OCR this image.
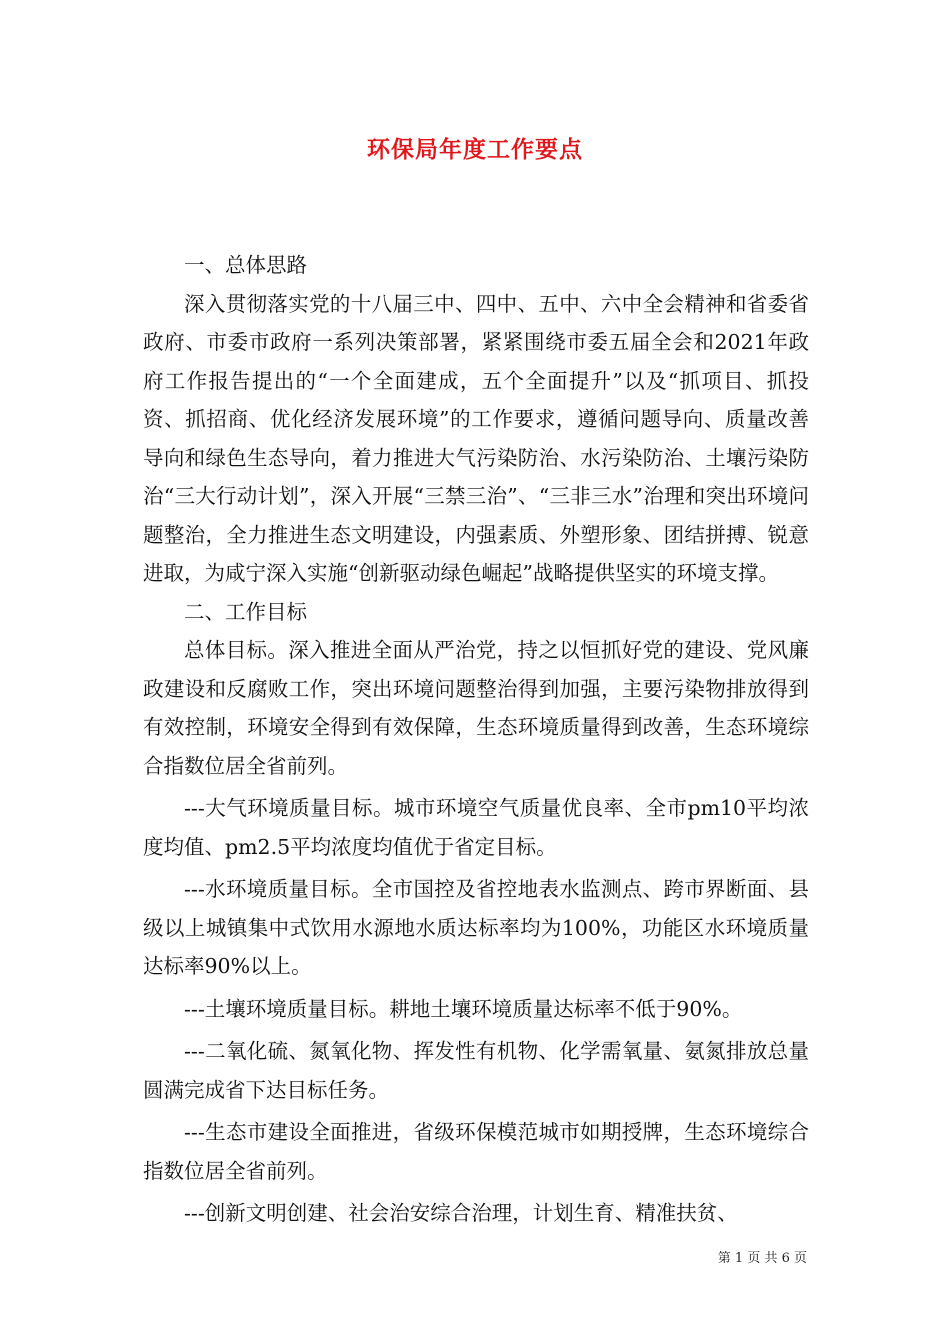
环保局年度工作要点

一、总体思路

深入贯彻落实党的十八届三中、四中、五中、六中全会精神和省委省政府、市委市政府一系列决策部署，紧紧围绕市委五届全会和2021年政府工作报告提出的“一个全面建成，五个全面提升”以及“抓项目、抓投资、抓招商、优化经济发展环境”的工作要求，遵循问题导向、质量改善导向和绿色生态导向，着力推进大气污染防治、水污染防治、土壤污染防治“三大行动计划”，深入开展“三禁三治”、“三非三水”治理和突出环境问题整治，全力推进生态文明建设，内强素质、外塑形象、团结拼搏、锐意进取，为咸宁深入实施“创新驱动绿色崛起”战略提供坚实的环境支撑。

二、工作目标

总体目标。深入推进全面从严治党，持之以恒抓好党的建设、党风廉政建设和反腐败工作，突出环境问题整治得到加强，主要污染物排放得到有效控制，环境安全得到有效保障，生态环境质量得到改善，生态环境综合指数位居全省前列。

---大气环境质量目标。城市环境空气质量优良率、全市pm10平均浓度均值、pm2.5平均浓度均值优于省定目标。

---水环境质量目标。全市国控及省控地表水监测点、跨市界断面、县级以上城镇集中式饮用水源地水质达标率均为100%，功能区水环境质量达标率90%以上。

---土壤环境质量目标。耕地土壤环境质量达标率不低于90%。

---二氧化硫、氮氧化物、挥发性有机物、化学需氧量、氨氮排放总量圆满完成省下达目标任务。

---生态市建设全面推进，省级环保模范城市如期授牌，生态环境综合指数位居全省前列。

---创新文明创建、社会治安综合治理，计划生育、精准扶贫、

第 1 页 共 6 页
